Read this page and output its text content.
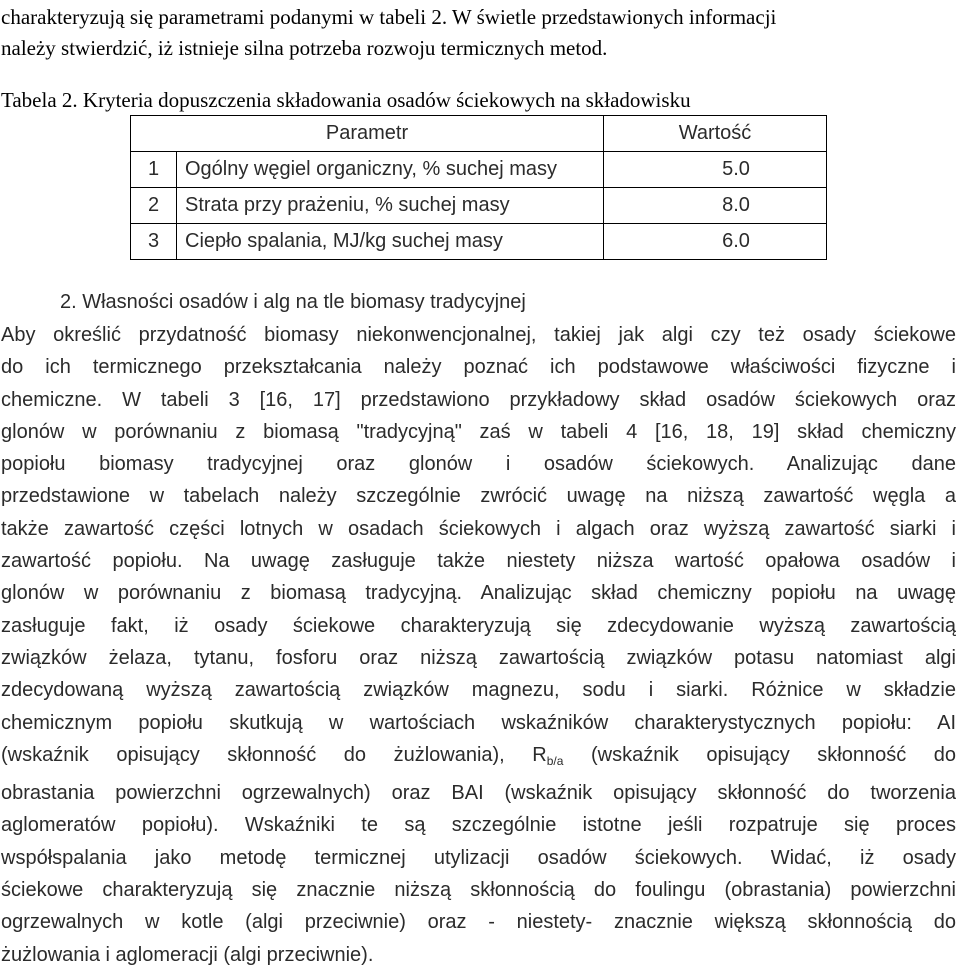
charakteryzują się parametrami podanymi w tabeli 2. W świetle przedstawionych informacji
należy stwierdzić, iż istnieje silna potrzeba rozwoju termicznych metod.

Tabela 2. Kryteria dopuszczenia składowania osadów ściekowych na składowisku

Parametr		Wartość
1	Ogólny węgiel organiczny, % suchej masy	5.0
2	Strata przy prażeniu, % suchej masy	8.0
3	Ciepło spalania, MJ/kg suchej masy	6.0

2. Własności osadów i alg na tle biomasy tradycyjnej

Aby określić przydatność biomasy niekonwencjonalnej, takiej jak algi czy też osady ściekowe
do ich termicznego przekształcania należy poznać ich podstawowe właściwości fizyczne i
chemiczne. W tabeli 3 [16, 17] przedstawiono przykładowy skład osadów ściekowych oraz
glonów w porównaniu z biomasą "tradycyjną" zaś w tabeli 4 [16, 18, 19] skład chemiczny
popiołu biomasy tradycyjnej oraz glonów i osadów ściekowych. Analizując dane
przedstawione w tabelach należy szczególnie zwrócić uwagę na niższą zawartość węgla a
także zawartość części lotnych w osadach ściekowych i algach oraz wyższą zawartość siarki i
zawartość popiołu. Na uwagę zasługuje także niestety niższa wartość opałowa osadów i
glonów w porównaniu z biomasą tradycyjną. Analizując skład chemiczny popiołu na uwagę
zasługuje fakt, iż osady ściekowe charakteryzują się zdecydowanie wyższą zawartością
związków żelaza, tytanu, fosforu oraz niższą zawartością związków potasu natomiast algi
zdecydowaną wyższą zawartością związków magnezu, sodu i siarki. Różnice w składzie
chemicznym popiołu skutkują w wartościach wskaźników charakterystycznych popiołu: AI
(wskaźnik opisujący skłonność do żużlowania), $R_{b/a}$ (wskaźnik opisujący skłonność do
obrastania powierzchni ogrzewalnych) oraz BAI (wskaźnik opisujący skłonność do tworzenia
aglomeratów popiołu). Wskaźniki te są szczególnie istotne jeśli rozpatruje się proces
współspalania jako metodę termicznej utylizacji osadów ściekowych. Widać, iż osady
ściekowe charakteryzują się znacznie niższą skłonnością do foulingu (obrastania) powierzchni
ogrzewalnych w kotle (algi przeciwnie) oraz - niestety- znacznie większą skłonnością do
żużlowania i aglomeracji (algi przeciwnie).
